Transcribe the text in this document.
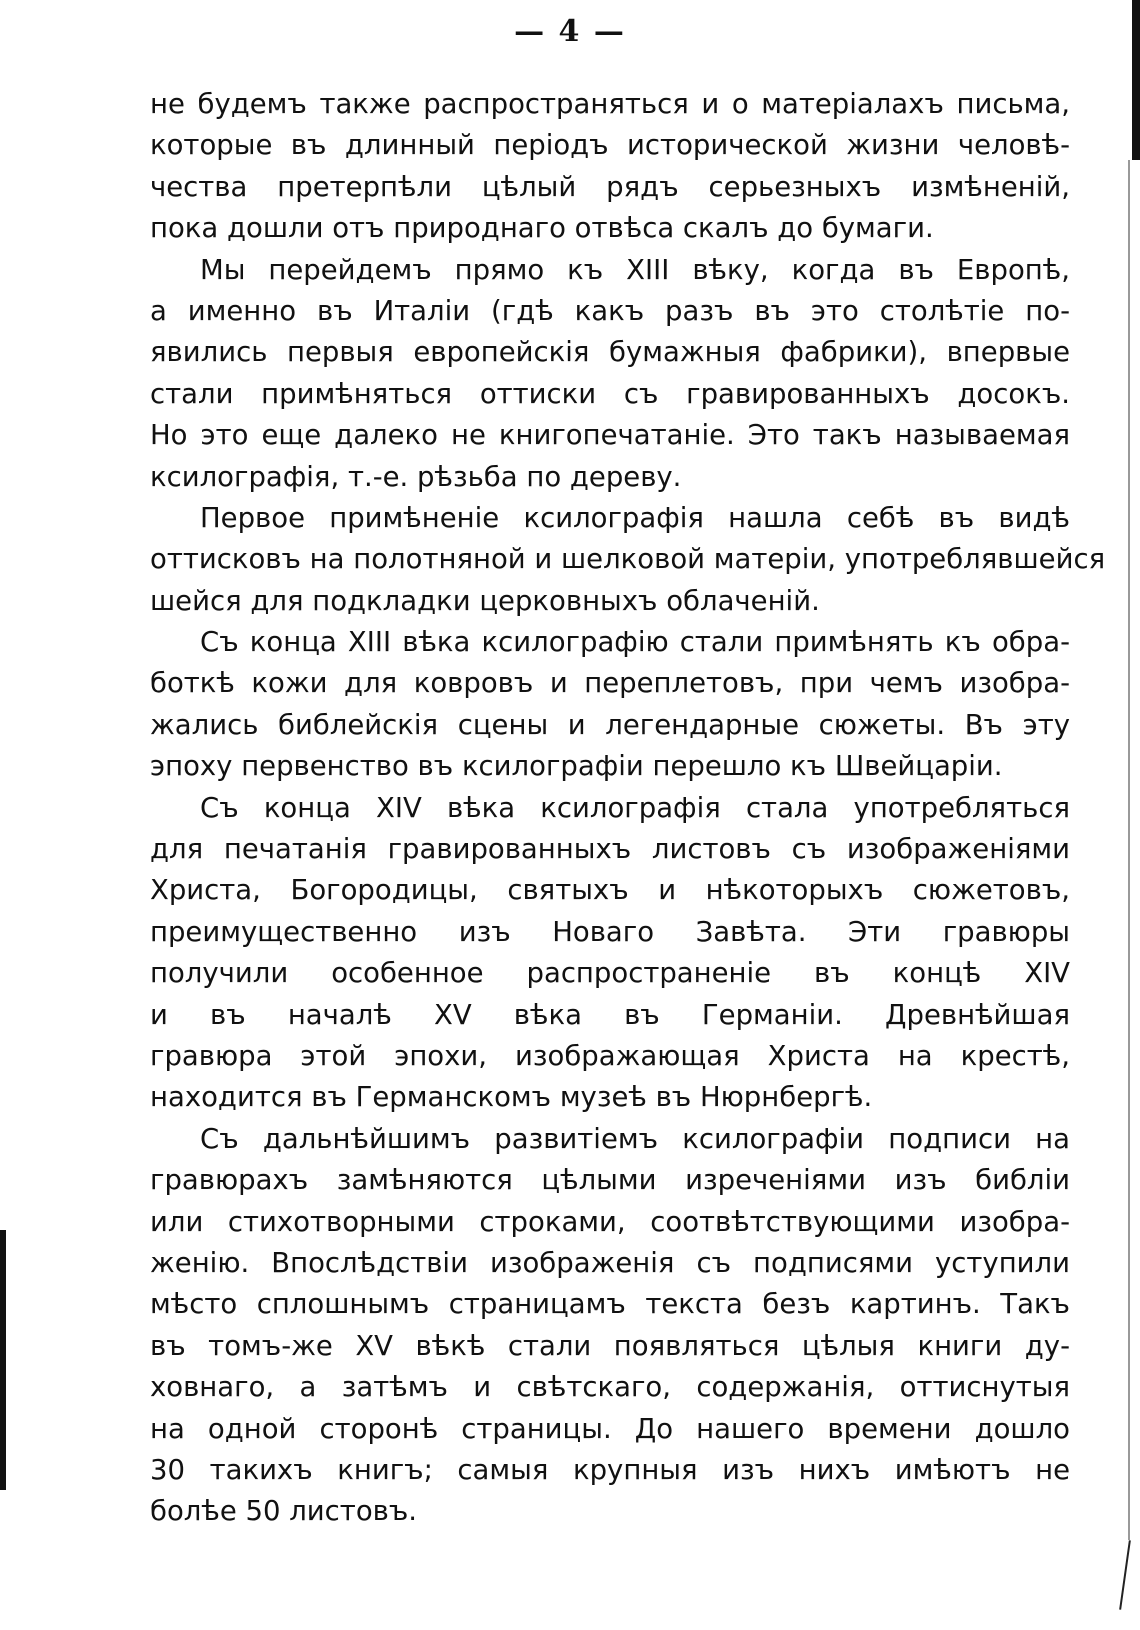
— 4 —
не будемъ также распространяться и о матеріалахъ письма,
которые въ длинный періодъ исторической жизни человѣ-
чества претерпѣли цѣлый рядъ серьезныхъ измѣненій,
пока дошли отъ природнаго отвѣса скалъ до бумаги.
Мы перейдемъ прямо къ XIII вѣку, когда въ Европѣ,
а именно въ Италіи (гдѣ какъ разъ въ это столѣтіе по-
явились первыя европейскія бумажныя фабрики), впервые
стали примѣняться оттиски съ гравированныхъ досокъ.
Но это еще далеко не книгопечатаніе. Это такъ называемая
ксилографія, т.-е. рѣзьба по дереву.
Первое примѣненіе ксилографія нашла себѣ въ видѣ
оттисковъ на полотняной и шелковой матеріи, употреблявшейся
шейся для подкладки церковныхъ облаченій.
Съ конца XIII вѣка ксилографію стали примѣнять къ обра-
боткѣ кожи для ковровъ и переплетовъ, при чемъ изобра-
жались библейскія сцены и легендарные сюжеты. Въ эту
эпоху первенство въ ксилографіи перешло къ Швейцаріи.
Съ конца XIV вѣка ксилографія стала употребляться
для печатанія гравированныхъ листовъ съ изображеніями
Христа, Богородицы, святыхъ и нѣкоторыхъ сюжетовъ,
преимущественно изъ Новаго Завѣта. Эти гравюры
получили особенное распространеніе въ концѣ XIV
и въ началѣ XV вѣка въ Германіи. Древнѣйшая
гравюра этой эпохи, изображающая Христа на крестѣ,
находится въ Германскомъ музеѣ въ Нюрнбергѣ.
Съ дальнѣйшимъ развитіемъ ксилографіи подписи на
гравюрахъ замѣняются цѣлыми изреченіями изъ библіи
или стихотворными строками, соотвѣтствующими изобра-
женію. Впослѣдствіи изображенія съ подписями уступили
мѣсто сплошнымъ страницамъ текста безъ картинъ. Такъ
въ томъ-же XV вѣкѣ стали появляться цѣлыя книги ду-
ховнаго, а затѣмъ и свѣтскаго, содержанія, оттиснутыя
на одной сторонѣ страницы. До нашего времени дошло
30 такихъ книгъ; самыя крупныя изъ нихъ имѣютъ не
болѣе 50 листовъ.
